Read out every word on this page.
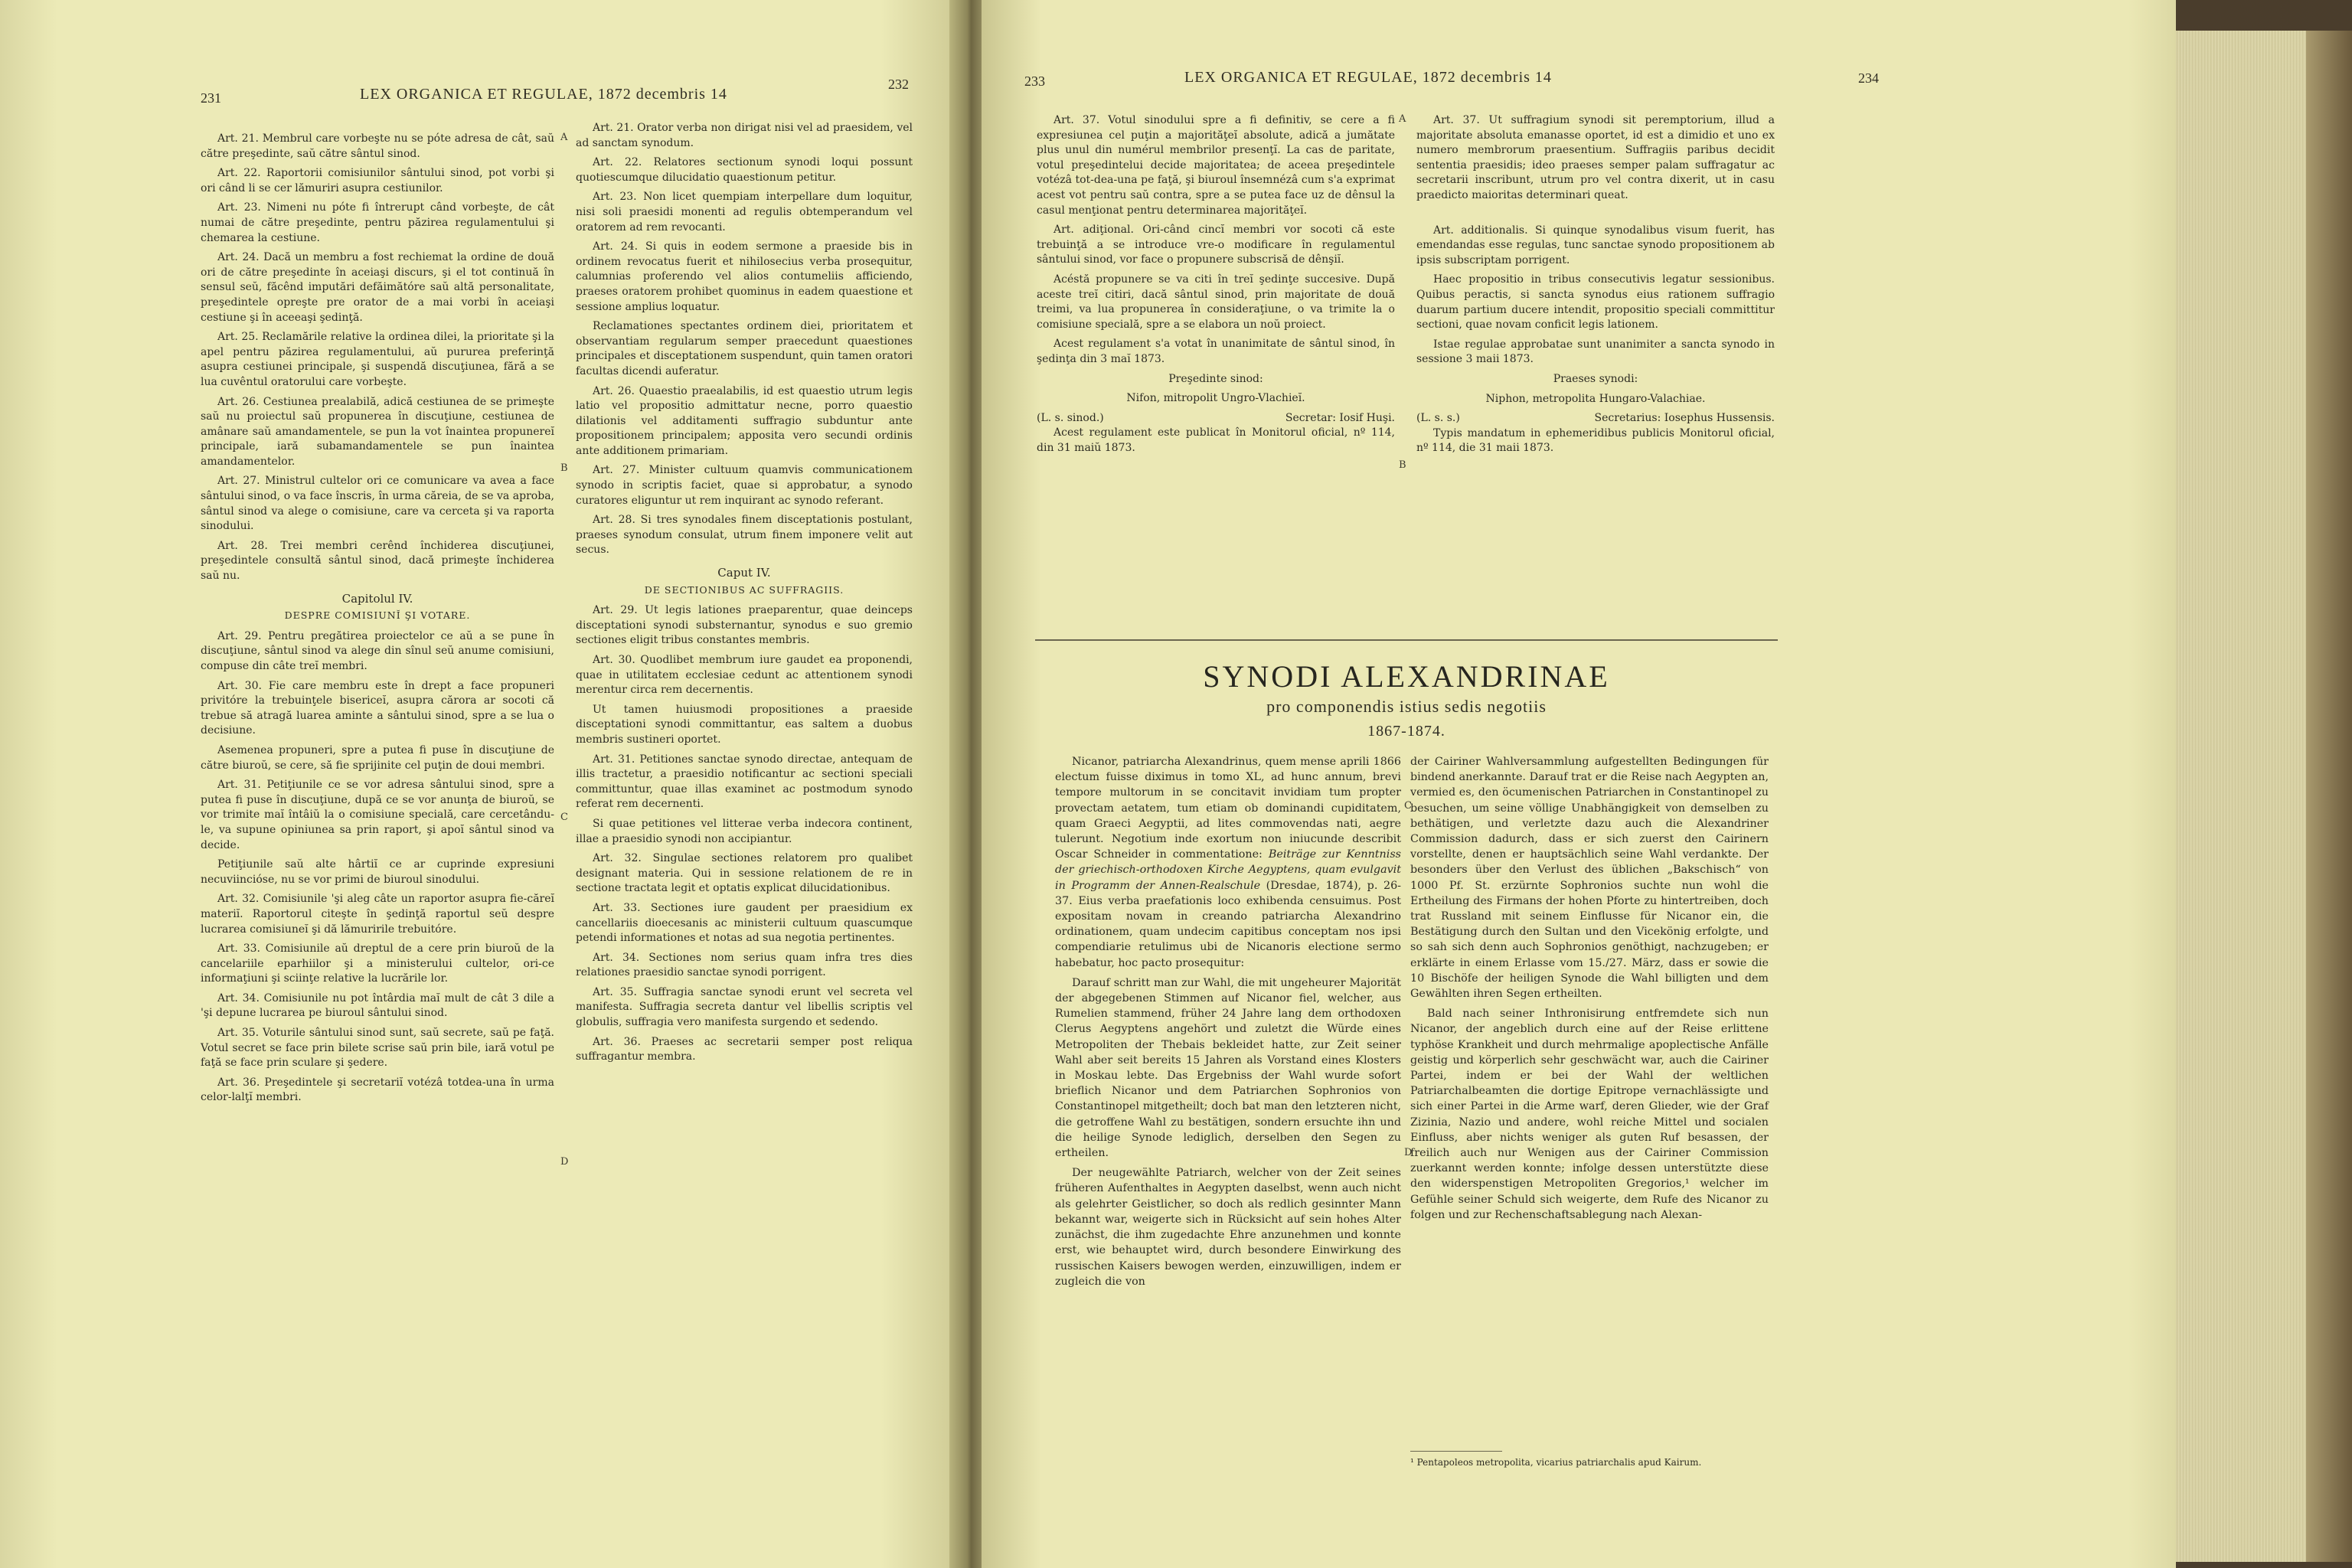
231	LEX ORGANICA ET REGULAE, 1872 decembris 14
232

Art. 21. Membrul care vorbeşte nu se póte adresa de cât, saŭ către preşedinte, saŭ către sântul sinod.

Art. 22. Raportorii comisiunilor sântului sinod, pot vorbi şi ori când li se cer lămuriri asupra cestiunilor.

Art. 23. Nimeni nu póte fi întrerupt când vorbeşte, de cât numai de către preşedinte, pentru păzirea regulamentului şi chemarea la cestiune.

Art. 24. Dacă un membru a fost rechiemat la ordine de două ori de către preşedinte în aceiaşi discurs, şi el tot continuă în sensul seŭ, făcênd imputări defăimătóre saŭ altă personalitate, preşedintele opreşte pre orator de a mai vorbi în aceiaşi cestiune şi în aceeaşi şedinţă.

Art. 25. Reclamările relative la ordinea dilei, la prioritate şi la apel pentru păzirea regulamentului, aŭ pururea preferinţă asupra cestiunei principale, şi suspendă discuţiunea, fără a se lua cuvêntul oratorului care vorbeşte.

Art. 26. Cestiunea prealabilă, adică cestiunea de se primeşte saŭ nu proiectul saŭ propunerea în discuţiune, cestiunea de amânare saŭ amandamentele, se pun la vot înaintea propunereĭ principale, iară subamandamentele se pun înaintea amandamentelor.

Art. 27. Ministrul cultelor ori ce comunicare va avea a face sântului sinod, o va face înscris, în urma căreia, de se va aproba, sântul sinod va alege o comisiune, care va cerceta şi va raporta sinodului.

Art. 28. Trei membri cerênd închiderea discuţiunei, preşedintele consultă sântul sinod, dacă primeşte închiderea saŭ nu.

Capitolul IV.
DESPRE COMISIUNĬ ŞI VOTARE.

Art. 29. Pentru pregătirea proiectelor ce aŭ a se pune în discuţiune, sântul sinod va alege din sînul seŭ anume comisiuni, compuse din câte treĭ membri.

Art. 30. Fie care membru este în drept a face propuneri privitóre la trebuinţele bisericeĭ, asupra cărora ar socoti că trebue să atragă luarea aminte a sântului sinod, spre a se lua o decisiune.

Asemenea propuneri, spre a putea fi puse în discuţiune de către biuroŭ, se cere, să fie sprijinite cel puţin de doui membri.

Art. 31. Petiţiunile ce se vor adresa sântului sinod, spre a putea fi puse în discuţiune, după ce se vor anunţa de biuroŭ, se vor trimite maĭ întâiŭ la o comisiune specială, care cercetându-le, va supune opiniunea sa prin raport, şi apoĭ sântul sinod va decide.

Petiţiunile saŭ alte hârtiĭ ce ar cuprinde expresiuni necuviincióse, nu se vor primi de biuroul sinodului.

Art. 32. Comisiunile 'şi aleg câte un raportor asupra fie-căreĭ materiĭ. Raportorul citeşte în şedinţă raportul seŭ despre lucrarea comisiuneĭ şi dă lămuririle trebuitóre.

Art. 33. Comisiunile aŭ dreptul de a cere prin biuroŭ de la cancelariile eparhiilor şi a ministerului cultelor, ori-ce informaţiuni şi sciinţe relative la lucrările lor.

Art. 34. Comisiunile nu pot întârdia maĭ mult de cât 3 dile a 'şi depune lucrarea pe biuroul sântului sinod.

Art. 35. Voturile sântului sinod sunt, saŭ secrete, saŭ pe faţă. Votul secret se face prin bilete scrise saŭ prin bile, iară votul pe faţă se face prin sculare şi şedere.

Art. 36. Preşedintele şi secretariĭ votézâ totdea-una în urma celor-lalţĭ membri.

A
B
C
D

Art. 21. Orator verba non dirigat nisi vel ad praesidem, vel ad sanctam synodum.

Art. 22. Relatores sectionum synodi loqui possunt quotiescumque dilucidatio quaestionum petitur.

Art. 23. Non licet quempiam interpellare dum loquitur, nisi soli praesidi monenti ad regulis obtemperandum vel oratorem ad rem revocanti.

Art. 24. Si quis in eodem sermone a praeside bis in ordinem revocatus fuerit et nihilosecius verba prosequitur, calumnias proferendo vel alios contumeliis afficiendo, praeses oratorem prohibet quominus in eadem quaestione et sessione amplius loquatur.

Reclamationes spectantes ordinem diei, prioritatem et observantiam regularum semper praecedunt quaestiones principales et disceptationem suspendunt, quin tamen oratori facultas dicendi auferatur.

Art. 26. Quaestio praealabilis, id est quaestio utrum legis latio vel propositio admittatur necne, porro quaestio dilationis vel additamenti suffragio subduntur ante propositionem principalem; apposita vero secundi ordinis ante additionem primariam.

Art. 27. Minister cultuum quamvis communicationem synodo in scriptis faciet, quae si approbatur, a synodo curatores eliguntur ut rem inquirant ac synodo referant.

Art. 28. Si tres synodales finem disceptationis postulant, praeses synodum consulat, utrum finem imponere velit aut secus.

Caput IV.
DE SECTIONIBUS AC SUFFRAGIIS.

Art. 29. Ut legis lationes praeparentur, quae deinceps disceptationi synodi substernantur, synodus e suo gremio sectiones eligit tribus constantes membris.

Art. 30. Quodlibet membrum iure gaudet ea proponendi, quae in utilitatem ecclesiae cedunt ac attentionem synodi merentur circa rem decernentis.

Ut tamen huiusmodi propositiones a praeside disceptationi synodi committantur, eas saltem a duobus membris sustineri oportet.

Art. 31. Petitiones sanctae synodo directae, antequam de illis tractetur, a praesidio notificantur ac sectioni speciali committuntur, quae illas examinet ac postmodum synodo referat rem decernenti.

Si quae petitiones vel litterae verba indecora continent, illae a praesidio synodi non accipiantur.

Art. 32. Singulae sectiones relatorem pro qualibet designant materia. Qui in sessione relationem de re in sectione tractata legit et optatis explicat dilucidationibus.

Art. 33. Sectiones iure gaudent per praesidium ex cancellariis dioecesanis ac ministerii cultuum quascumque petendi informationes et notas ad sua negotia pertinentes.

Art. 34. Sectiones nom serius quam infra tres dies relationes praesidio sanctae synodi porrigent.

Art. 35. Suffragia sanctae synodi erunt vel secreta vel manifesta. Suffragia secreta dantur vel libellis scriptis vel globulis, suffragia vero manifesta surgendo et sedendo.

Art. 36. Praeses ac secretarii semper post reliqua suffragantur membra.

233	LEX ORGANICA ET REGULAE, 1872 decembris 14	234

Art. 37. Votul sinodului spre a fi definitiv, se cere a fi expresiunea cel puţin a majorităţeĭ absolute, adică a jumătate plus unul din numérul membrilor presenţĭ. La cas de paritate, votul preşedintelui decide majoritatea; de aceea preşedintele votézâ tot-dea-una pe faţă, şi biuroul însemnézâ cum s'a exprimat acest vot pentru saŭ contra, spre a se putea face uz de dênsul la casul menţionat pentru determinarea majorităţeĭ.

Art. adiţional. Ori-când cincĭ membri vor socoti că este trebuinţă a se introduce vre-o modificare în regulamentul sântului sinod, vor face o propunere subscrisă de dênşiĭ.

Acéstă propunere se va citi în treĭ şedinţe succesive. După aceste treĭ citiri, dacă sântul sinod, prin majoritate de două treimi, va lua propunerea în consideraţiune, o va trimite la o comisiune specială, spre a se elabora un noŭ proiect.

Acest regulament s'a votat în unanimitate de sântul sinod, în şedinţa din 3 maĭ 1873.

Preşedinte sinod:

Nifon, mitropolit Ungro-Vlachieĭ.

(L. s. sinod.)	Secretar: Iosif Huşi.

Acest regulament este publicat în Monitorul oficial, nº 114, din 31 maiŭ 1873.

A
B

Art. 37. Ut suffragium synodi sit peremptorium, illud a majoritate absoluta emanasse oportet, id est a dimidio et uno ex numero membrorum praesentium. Suffragiis paribus decidit sententia praesidis; ideo praeses semper palam suffragatur ac secretarii inscribunt, utrum pro vel contra dixerit, ut in casu praedicto maioritas determinari queat.

Art. additionalis. Si quinque synodalibus visum fuerit, has emendandas esse regulas, tunc sanctae synodo propositionem ab ipsis subscriptam porrigent.

Haec propositio in tribus consecutivis legatur sessionibus. Quibus peractis, si sancta synodus eius rationem suffragio duarum partium ducere intendit, propositio speciali committitur sectioni, quae novam conficit legis lationem.

Istae regulae approbatae sunt unanimiter a sancta synodo in sessione 3 maii 1873.

Praeses synodi:

Niphon, metropolita Hungaro-Valachiae.

(L. s. s.)	Secretarius: Iosephus Hussensis.

Typis mandatum in ephemeridibus publicis Monitorul oficial, nº 114, die 31 maii 1873.

SYNODI ALEXANDRINAE
pro componendis istius sedis negotiis
1867-1874.

Nicanor, patriarcha Alexandrinus, quem mense aprili 1866 electum fuisse diximus in tomo XL, ad hunc annum, brevi tempore multorum in se concitavit invidiam tum propter provectam aetatem, tum etiam ob dominandi cupiditatem, quam Graeci Aegyptii, ad lites commovendas nati, aegre tulerunt. Negotium inde exortum non iniucunde describit Oscar Schneider in commentatione: Beiträge zur Kenntniss der griechisch-orthodoxen Kirche Aegyptens, quam evulgavit in Programm der Annen-Realschule (Dresdae, 1874), p. 26-37. Eius verba praefationis loco exhibenda censuimus. Post expositam novam in creando patriarcha Alexandrino ordinationem, quam undecim capitibus conceptam nos ipsi compendiarie retulimus ubi de Nicanoris electione sermo habebatur, hoc pacto prosequitur:

Darauf schritt man zur Wahl, die mit ungeheurer Majorität der abgegebenen Stimmen auf Nicanor fiel, welcher, aus Rumelien stammend, früher 24 Jahre lang dem orthodoxen Clerus Aegyptens angehört und zuletzt die Würde eines Metropoliten der Thebais bekleidet hatte, zur Zeit seiner Wahl aber seit bereits 15 Jahren als Vorstand eines Klosters in Moskau lebte. Das Ergebniss der Wahl wurde sofort brieflich Nicanor und dem Patriarchen Sophronios von Constantinopel mitgetheilt; doch bat man den letzteren nicht, die getroffene Wahl zu bestätigen, sondern ersuchte ihn und die heilige Synode lediglich, derselben den Segen zu ertheilen.

Der neugewählte Patriarch, welcher von der Zeit seines früheren Aufenthaltes in Aegypten daselbst, wenn auch nicht als gelehrter Geistlicher, so doch als redlich gesinnter Mann bekannt war, weigerte sich in Rücksicht auf sein hohes Alter zunächst, die ihm zugedachte Ehre anzunehmen und konnte erst, wie behauptet wird, durch besondere Einwirkung des russischen Kaisers bewogen werden, einzuwilligen, indem er zugleich die von

C
D

der Cairiner Wahlversammlung aufgestellten Bedingungen für bindend anerkannte. Darauf trat er die Reise nach Aegypten an, vermied es, den öcumenischen Patriarchen in Constantinopel zu besuchen, um seine völlige Unabhängigkeit von demselben zu bethätigen, und verletzte dazu auch die Alexandriner Commission dadurch, dass er sich zuerst den Cairinern vorstellte, denen er hauptsächlich seine Wahl verdankte. Der besonders über den Verlust des üblichen „Bakschisch“ von 1000 Pf. St. erzürnte Sophronios suchte nun wohl die Ertheilung des Firmans der hohen Pforte zu hintertreiben, doch trat Russland mit seinem Einflusse für Nicanor ein, die Bestätigung durch den Sultan und den Vicekönig erfolgte, und so sah sich denn auch Sophronios genöthigt, nachzugeben; er erklärte in einem Erlasse vom 15./27. März, dass er sowie die 10 Bischöfe der heiligen Synode die Wahl billigten und dem Gewählten ihren Segen ertheilten.

Bald nach seiner Inthronisirung entfremdete sich nun Nicanor, der angeblich durch eine auf der Reise erlittene typhöse Krankheit und durch mehrmalige apoplectische Anfälle geistig und körperlich sehr geschwächt war, auch die Cairiner Partei, indem er bei der Wahl der weltlichen Patriarchalbeamten die dortige Epitrope vernachlässigte und sich einer Partei in die Arme warf, deren Glieder, wie der Graf Zizinia, Nazio und andere, wohl reiche Mittel und socialen Einfluss, aber nichts weniger als guten Ruf besassen, der freilich auch nur Wenigen aus der Cairiner Commission zuerkannt werden konnte; infolge dessen unterstützte diese den widerspenstigen Metropoliten Gregorios,¹ welcher im Gefühle seiner Schuld sich weigerte, dem Rufe des Nicanor zu folgen und zur Rechenschaftsablegung nach Alexan-

¹ Pentapoleos metropolita, vicarius patriarchalis apud Kairum.
